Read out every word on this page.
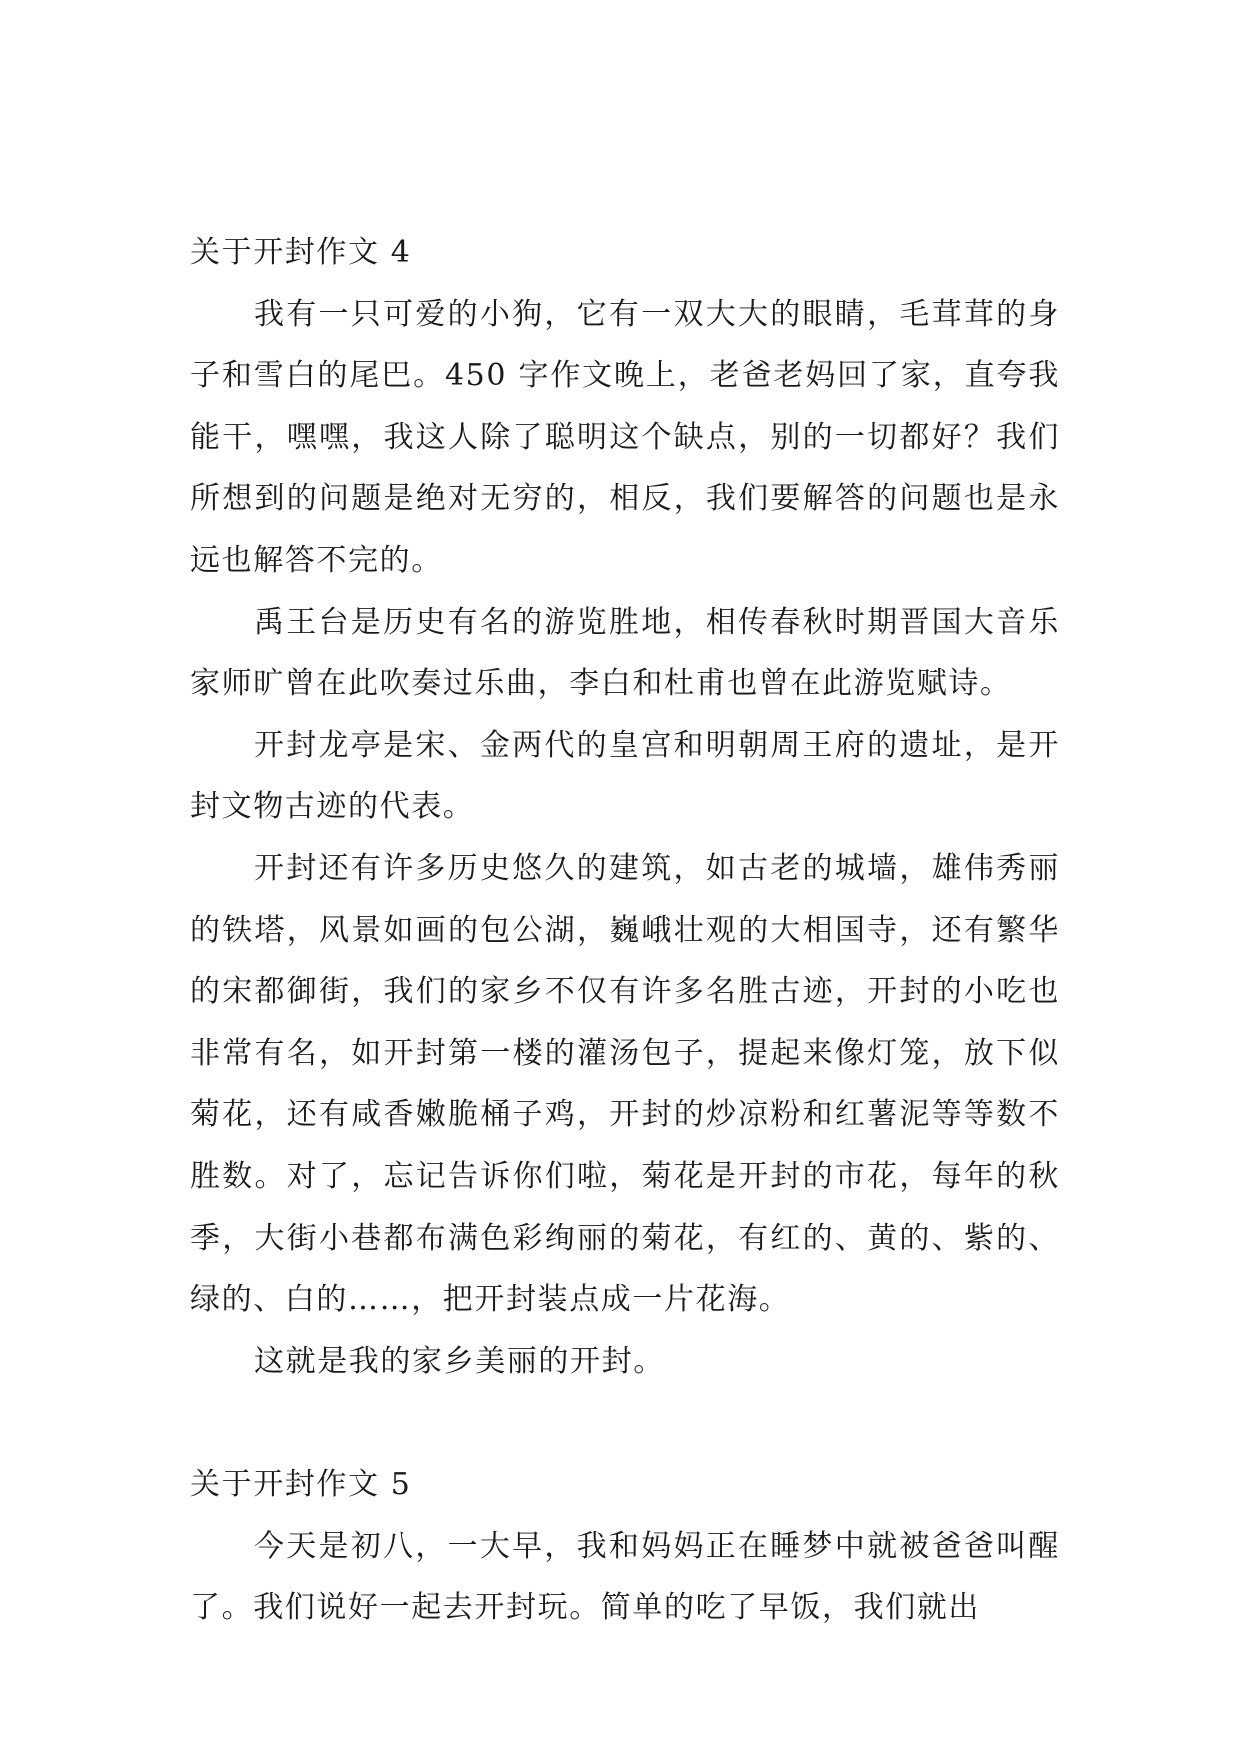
关于开封作文 4

我有一只可爱的小狗，它有一双大大的眼睛，毛茸茸的身子和雪白的尾巴。450 字作文晚上，老爸老妈回了家，直夸我能干，嘿嘿，我这人除了聪明这个缺点，别的一切都好？我们所想到的问题是绝对无穷的，相反，我们要解答的问题也是永远也解答不完的。

禹王台是历史有名的游览胜地，相传春秋时期晋国大音乐家师旷曾在此吹奏过乐曲，李白和杜甫也曾在此游览赋诗。

开封龙亭是宋、金两代的皇宫和明朝周王府的遗址，是开封文物古迹的代表。

开封还有许多历史悠久的建筑，如古老的城墙，雄伟秀丽的铁塔，风景如画的包公湖，巍峨壮观的大相国寺，还有繁华的宋都御街，我们的家乡不仅有许多名胜古迹，开封的小吃也非常有名，如开封第一楼的灌汤包子，提起来像灯笼，放下似菊花，还有咸香嫩脆桶子鸡，开封的炒凉粉和红薯泥等等数不胜数。对了，忘记告诉你们啦，菊花是开封的市花，每年的秋季，大街小巷都布满色彩绚丽的菊花，有红的、黄的、紫的、绿的、白的……，把开封装点成一片花海。

这就是我的家乡美丽的开封。

关于开封作文 5

今天是初八，一大早，我和妈妈正在睡梦中就被爸爸叫醒了。我们说好一起去开封玩。简单的吃了早饭，我们就出
